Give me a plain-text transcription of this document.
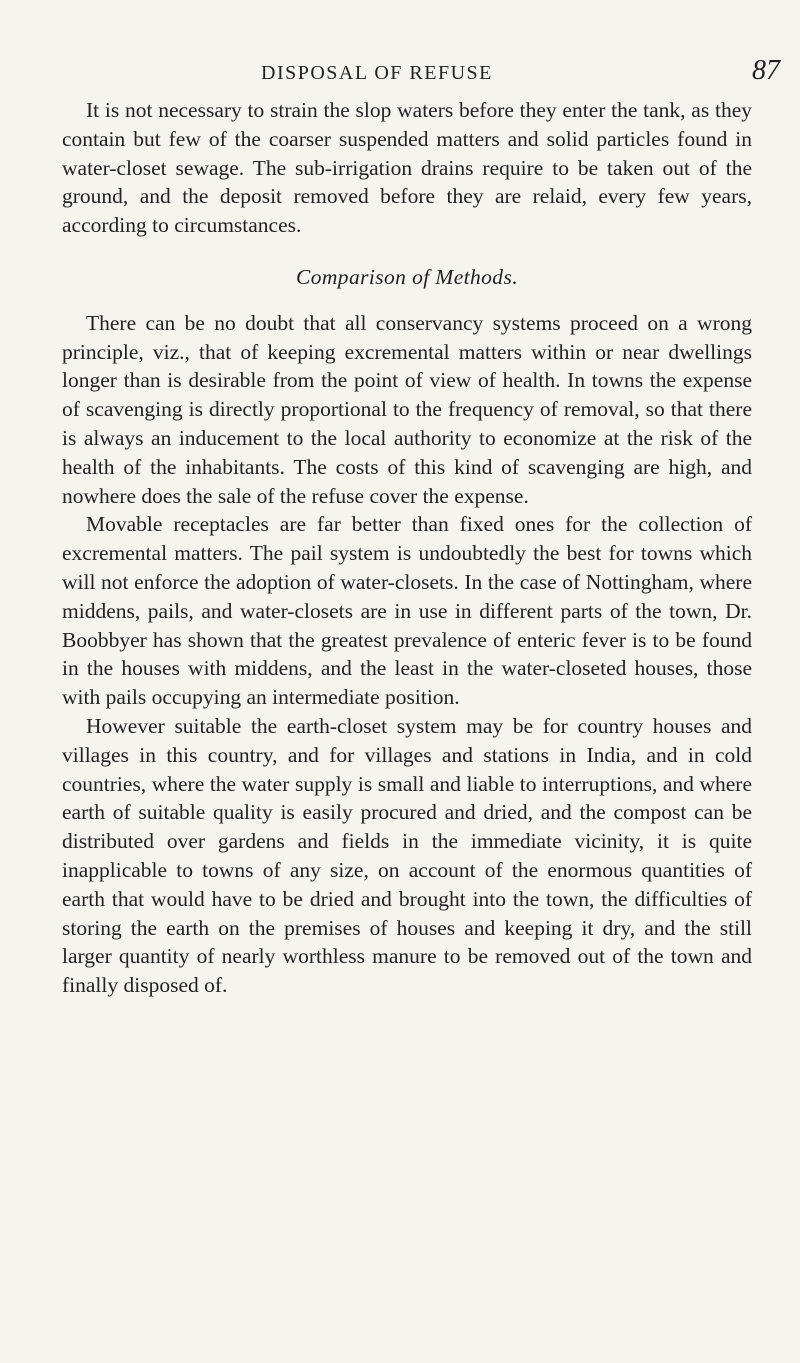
DISPOSAL OF REFUSE	87

It is not necessary to strain the slop waters before they enter the tank, as they contain but few of the coarser suspended matters and solid particles found in water-closet sewage. The sub-irrigation drains require to be taken out of the ground, and the deposit removed before they are relaid, every few years, according to circumstances.

Comparison of Methods.

There can be no doubt that all conservancy systems proceed on a wrong principle, viz., that of keeping excremental matters within or near dwellings longer than is desirable from the point of view of health. In towns the expense of scavenging is directly proportional to the frequency of removal, so that there is always an inducement to the local authority to economize at the risk of the health of the inhabitants. The costs of this kind of scavenging are high, and nowhere does the sale of the refuse cover the expense.

Movable receptacles are far better than fixed ones for the collection of excremental matters. The pail system is undoubtedly the best for towns which will not enforce the adoption of water-closets. In the case of Nottingham, where middens, pails, and water-closets are in use in different parts of the town, Dr. Boobbyer has shown that the greatest prevalence of enteric fever is to be found in the houses with middens, and the least in the water-closeted houses, those with pails occupying an intermediate position.

However suitable the earth-closet system may be for country houses and villages in this country, and for villages and stations in India, and in cold countries, where the water supply is small and liable to interruptions, and where earth of suitable quality is easily procured and dried, and the compost can be distributed over gardens and fields in the immediate vicinity, it is quite inapplicable to towns of any size, on account of the enormous quantities of earth that would have to be dried and brought into the town, the difficulties of storing the earth on the premises of houses and keeping it dry, and the still larger quantity of nearly worthless manure to be removed out of the town and finally disposed of.
